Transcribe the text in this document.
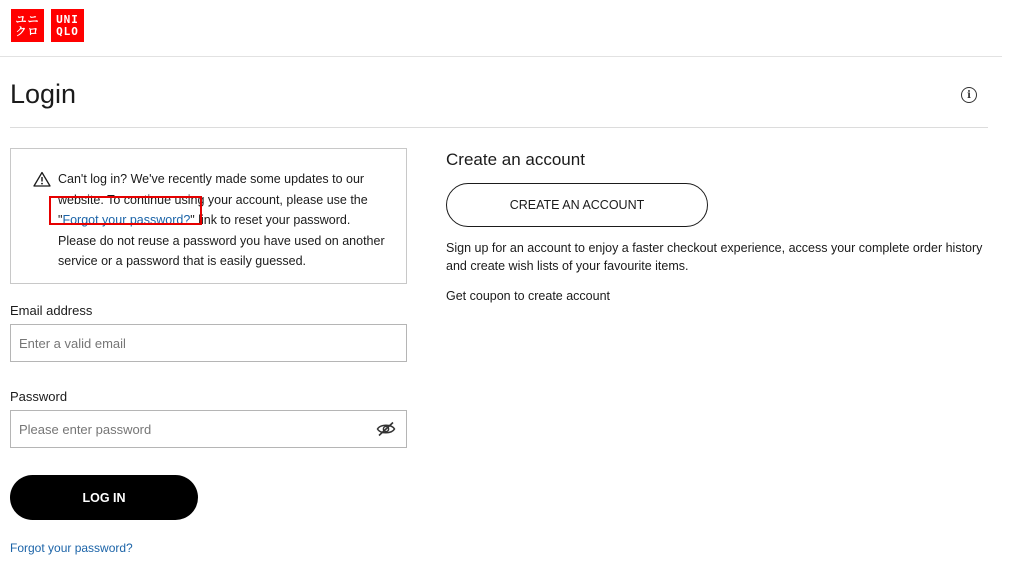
ユニ
クロ
UNI
QLO
Login	i

Can't log in? We've recently made some updates to our website. To continue using your account, please use the "Forgot your password?" link to reset your password.

Please do not reuse a password you have used on another service or a password that is easily guessed.

Email address
Enter a valid email
Password
LOG IN
Forgot your password?
Create an account
CREATE AN ACCOUNT

Sign up for an account to enjoy a faster checkout experience, access your complete order history and create wish lists of your favourite items.

Get coupon to create account
